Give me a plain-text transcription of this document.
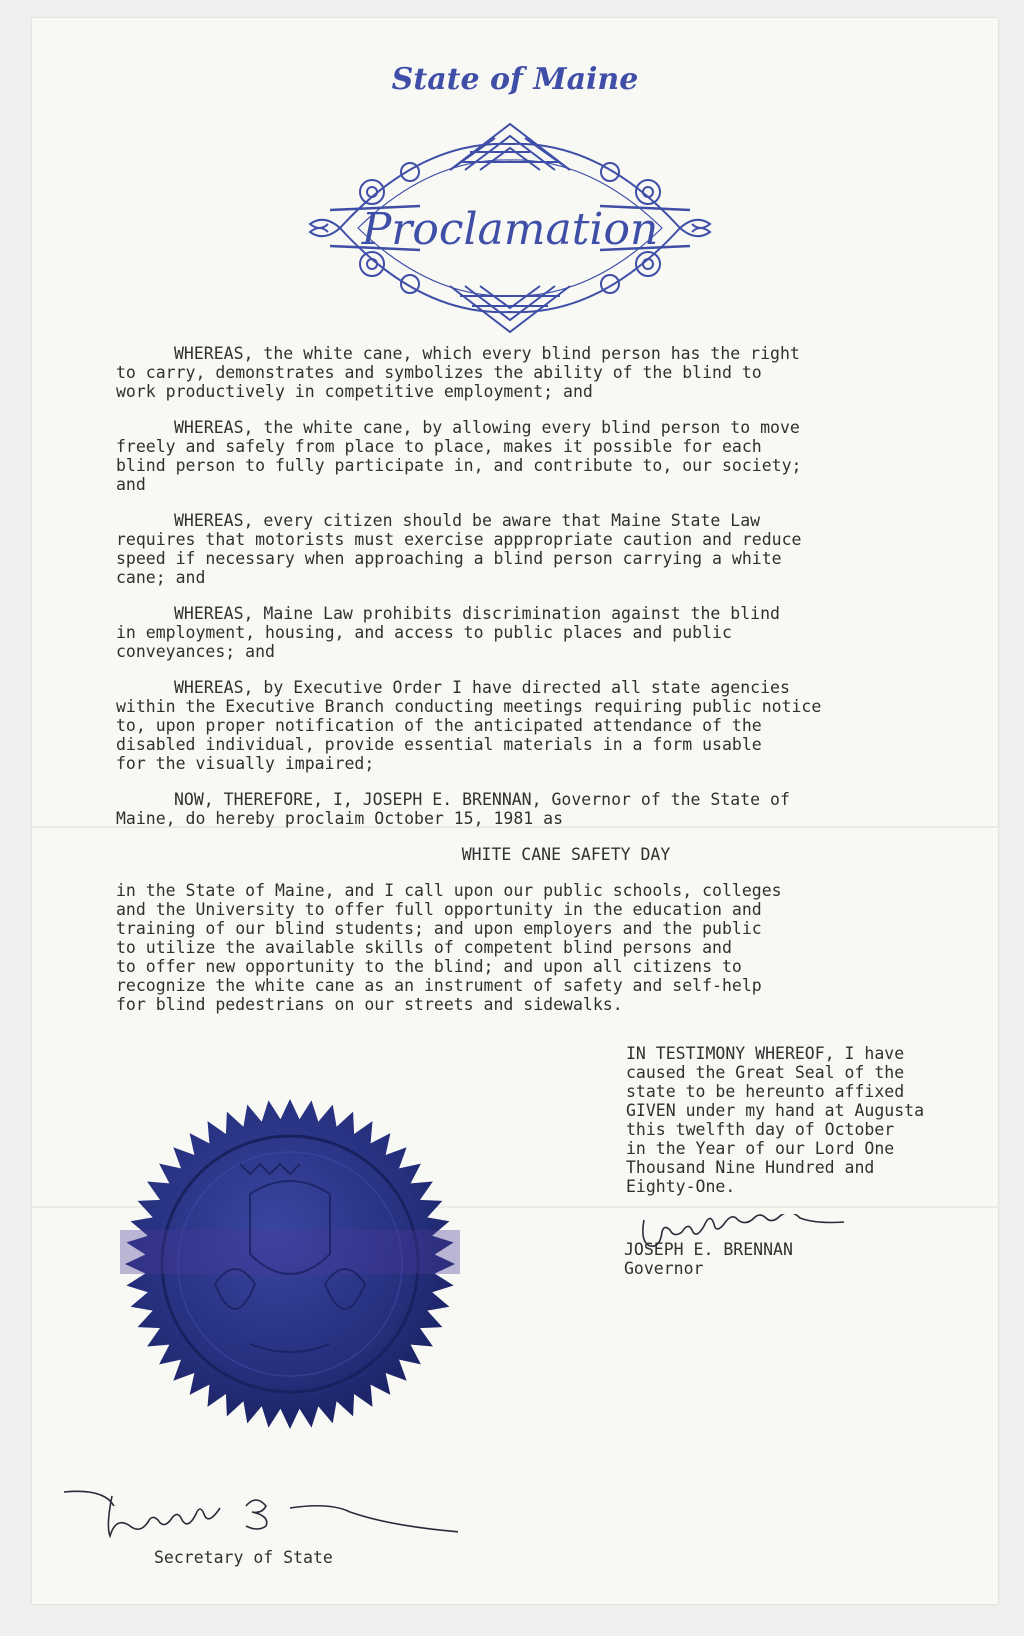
State of Maine
Proclamation

WHEREAS, the white cane, which every blind person has the right
to carry, demonstrates and symbolizes the ability of the blind to
work productively in competitive employment; and

WHEREAS, the white cane, by allowing every blind person to move
freely and safely from place to place, makes it possible for each
blind person to fully participate in, and contribute to, our society;
and

WHEREAS, every citizen should be aware that Maine State Law
requires that motorists must exercise apppropriate caution and reduce
speed if necessary when approaching a blind person carrying a white
cane; and

WHEREAS, Maine Law prohibits discrimination against the blind
in employment, housing, and access to public places and public
conveyances; and

WHEREAS, by Executive Order I have directed all state agencies
within the Executive Branch conducting meetings requiring public notice
to, upon proper notification of the anticipated attendance of the
disabled individual, provide essential materials in a form usable
for the visually impaired;

NOW, THEREFORE, I, JOSEPH E. BRENNAN, Governor of the State of
Maine, do hereby proclaim October 15, 1981 as

WHITE CANE SAFETY DAY

in the State of Maine, and I call upon our public schools, colleges
and the University to offer full opportunity in the education and
training of our blind students; and upon employers and the public
to utilize the available skills of competent blind persons and
to offer new opportunity to the blind; and upon all citizens to
recognize the white cane as an instrument of safety and self-help
for blind pedestrians on our streets and sidewalks.

IN TESTIMONY WHEREOF, I have
caused the Great Seal of the
state to be hereunto affixed
GIVEN under my hand at Augusta
this twelfth day of October
in the Year of our Lord One
Thousand Nine Hundred and
Eighty-One.

JOSEPH E. BRENNAN
Governor
Secretary of State
